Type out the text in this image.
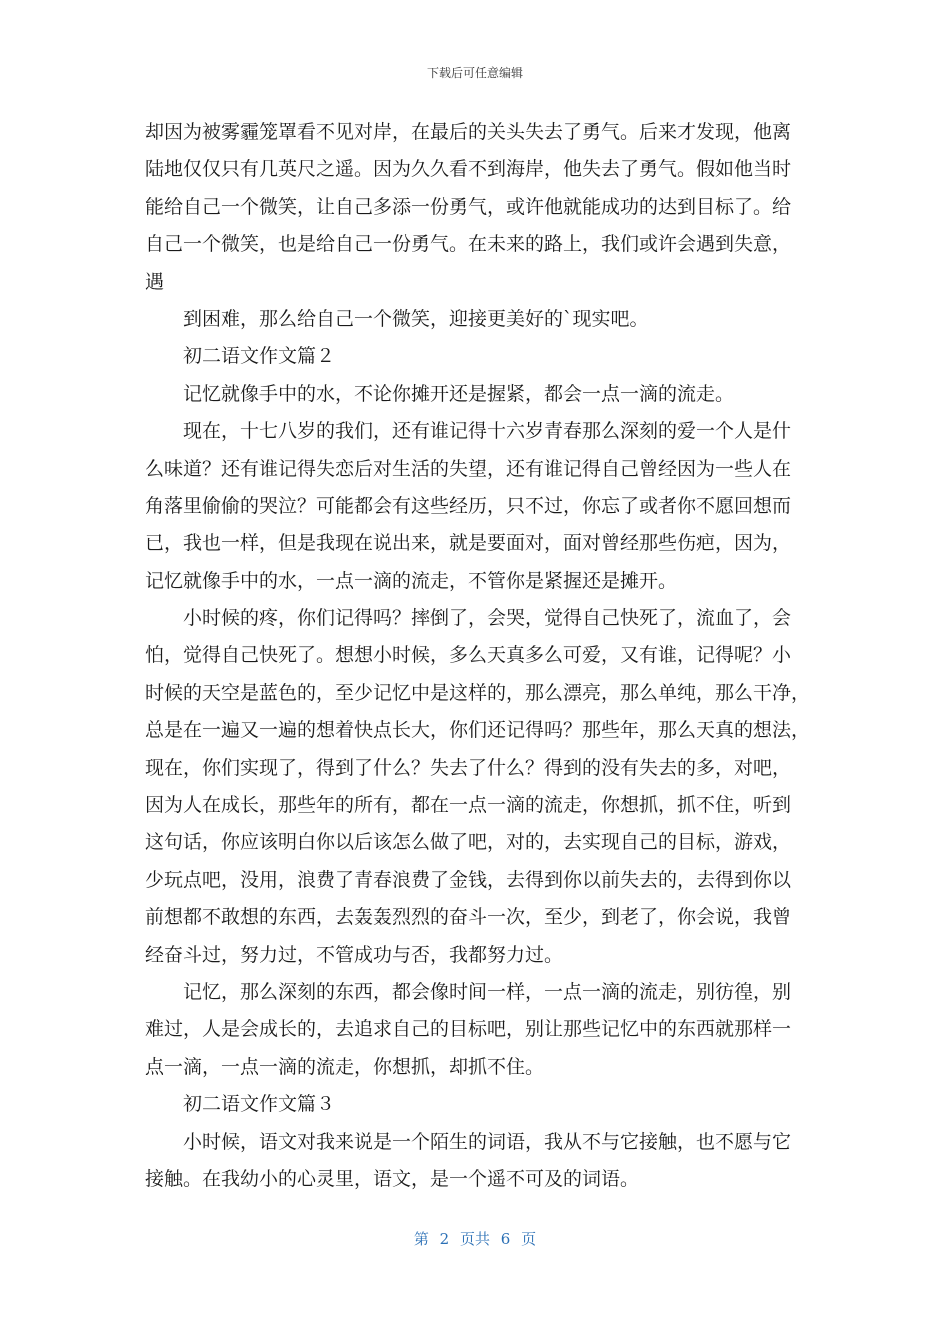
下载后可任意编辑
却因为被雾霾笼罩看不见对岸，在最后的关头失去了勇气。后来才发现，他离
陆地仅仅只有几英尺之遥。因为久久看不到海岸，他失去了勇气。假如他当时
能给自己一个微笑，让自己多添一份勇气，或许他就能成功的达到目标了。给
自己一个微笑，也是给自己一份勇气。在未来的路上，我们或许会遇到失意，
遇
到困难，那么给自己一个微笑，迎接更美好的`现实吧。
初二语文作文篇２
记忆就像手中的水，不论你摊开还是握紧，都会一点一滴的流走。
现在，十七八岁的我们，还有谁记得十六岁青春那么深刻的爱一个人是什
么味道？还有谁记得失恋后对生活的失望，还有谁记得自己曾经因为一些人在
角落里偷偷的哭泣？可能都会有这些经历，只不过，你忘了或者你不愿回想而
已，我也一样，但是我现在说出来，就是要面对，面对曾经那些伤疤，因为，
记忆就像手中的水，一点一滴的流走，不管你是紧握还是摊开。
小时候的疼，你们记得吗？摔倒了，会哭，觉得自己快死了，流血了，会
怕，觉得自己快死了。想想小时候，多么天真多么可爱，又有谁，记得呢？小
时候的天空是蓝色的，至少记忆中是这样的，那么漂亮，那么单纯，那么干净，
总是在一遍又一遍的想着快点长大，你们还记得吗？那些年，那么天真的想法，
现在，你们实现了，得到了什么？失去了什么？得到的没有失去的多，对吧，
因为人在成长，那些年的所有，都在一点一滴的流走，你想抓，抓不住，听到
这句话，你应该明白你以后该怎么做了吧，对的，去实现自己的目标，游戏，
少玩点吧，没用，浪费了青春浪费了金钱，去得到你以前失去的，去得到你以
前想都不敢想的东西，去轰轰烈烈的奋斗一次，至少，到老了，你会说，我曾
经奋斗过，努力过，不管成功与否，我都努力过。
记忆，那么深刻的东西，都会像时间一样，一点一滴的流走，别彷徨，别
难过，人是会成长的，去追求自己的目标吧，别让那些记忆中的东西就那样一
点一滴，一点一滴的流走，你想抓，却抓不住。
初二语文作文篇３
小时候，语文对我来说是一个陌生的词语，我从不与它接触，也不愿与它
接触。在我幼小的心灵里，语文，是一个遥不可及的词语。
第 2 页共 6 页
